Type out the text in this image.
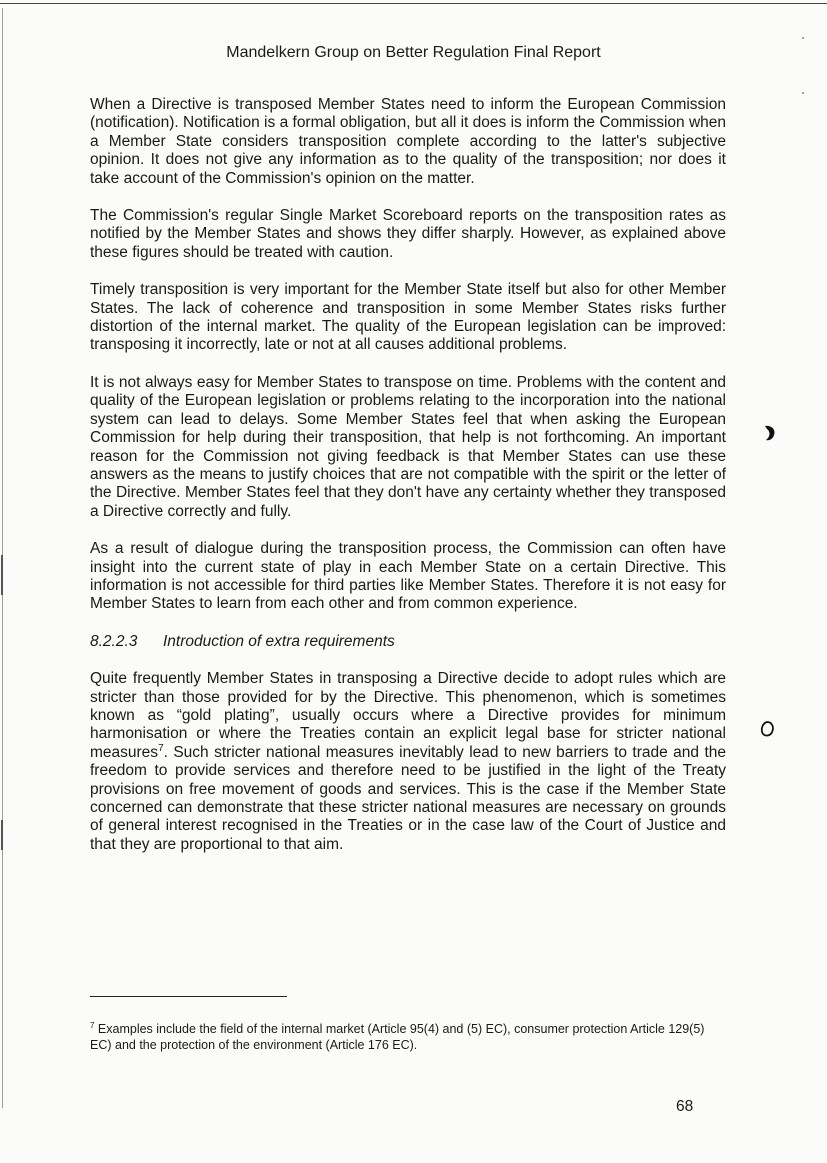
Mandelkern Group on Better Regulation Final Report

When a Directive is transposed Member States need to inform the European Commission (notification). Notification is a formal obligation, but all it does is inform the Commission when a Member State considers transposition complete according to the latter's subjective opinion. It does not give any information as to the quality of the transposition; nor does it take account of the Commission's opinion on the matter.

The Commission's regular Single Market Scoreboard reports on the transposition rates as notified by the Member States and shows they differ sharply. However, as explained above these figures should be treated with caution.

Timely transposition is very important for the Member State itself but also for other Member States. The lack of coherence and transposition in some Member States risks further distortion of the internal market. The quality of the European legislation can be improved: transposing it incorrectly, late or not at all causes additional problems.

It is not always easy for Member States to transpose on time. Problems with the content and quality of the European legislation or problems relating to the incorporation into the national system can lead to delays. Some Member States feel that when asking the European Commission for help during their transposition, that help is not forthcoming. An important reason for the Commission not giving feedback is that Member States can use these answers as the means to justify choices that are not compatible with the spirit or the letter of the Directive. Member States feel that they don't have any certainty whether they transposed a Directive correctly and fully.

As a result of dialogue during the transposition process, the Commission can often have insight into the current state of play in each Member State on a certain Directive. This information is not accessible for third parties like Member States. Therefore it is not easy for Member States to learn from each other and from common experience.

8.2.2.3 Introduction of extra requirements

Quite frequently Member States in transposing a Directive decide to adopt rules which are stricter than those provided for by the Directive. This phenomenon, which is sometimes known as “gold plating”, usually occurs where a Directive provides for minimum harmonisation or where the Treaties contain an explicit legal base for stricter national measures$^7$. Such stricter national measures inevitably lead to new barriers to trade and the freedom to provide services and therefore need to be justified in the light of the Treaty provisions on free movement of goods and services. This is the case if the Member State concerned can demonstrate that these stricter national measures are necessary on grounds of general interest recognised in the Treaties or in the case law of the Court of Justice and that they are proportional to that aim.

$^7$ Examples include the field of the internal market (Article 95(4) and (5) EC), consumer protection Article 129(5) EC) and the protection of the environment (Article 176 EC).
68
